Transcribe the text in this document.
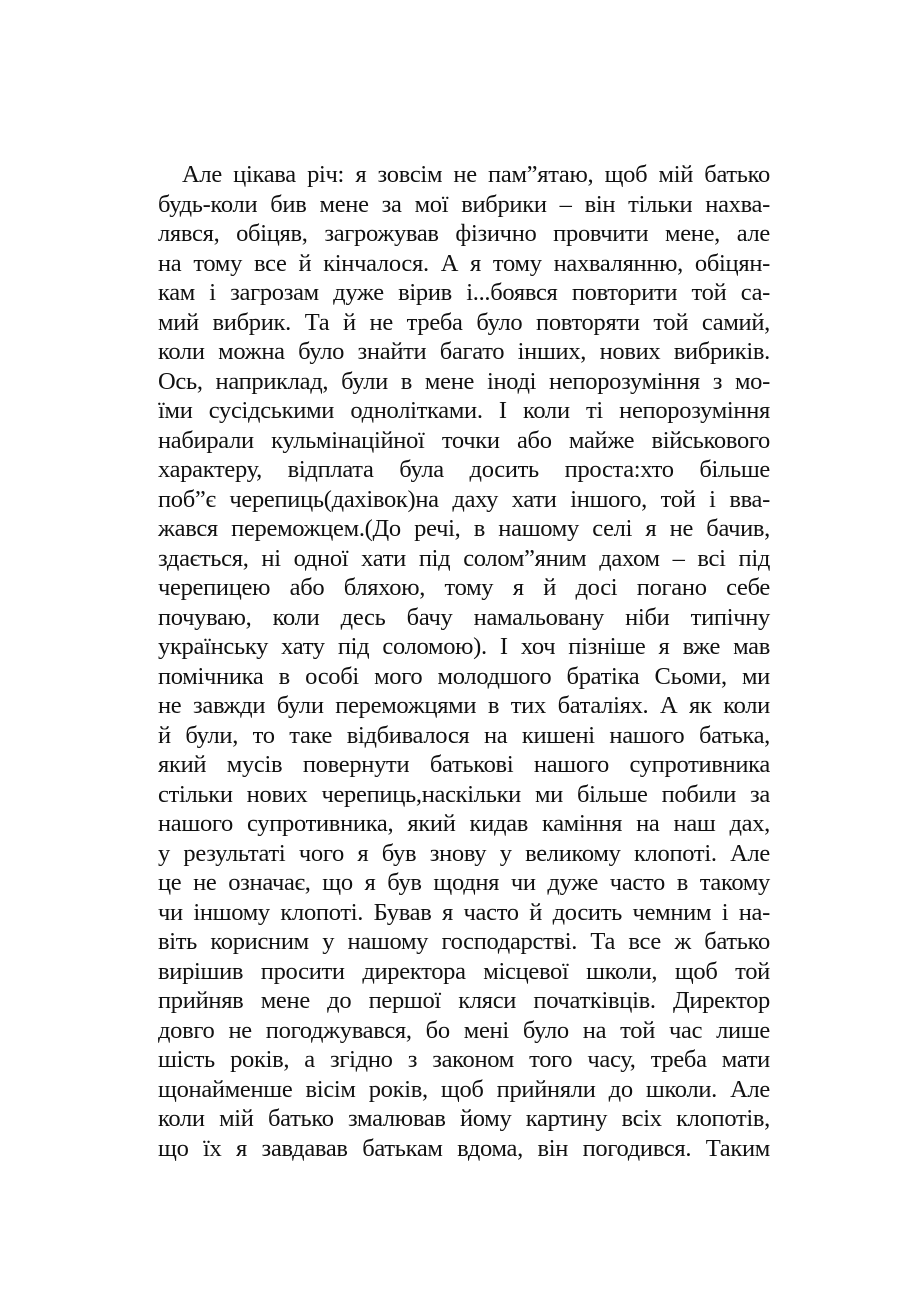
Але цікава річ: я зовсім не пам”ятаю, щоб мій батько
будь-коли бив мене за мої вибрики – він тільки нахва-
лявся, обіцяв, загрожував фізично провчити мене, але
на тому все й кінчалося. А я тому нахвалянню, обіцян-
кам і загрозам дуже вірив і...боявся повторити той са-
мий вибрик. Та й не треба було повторяти той самий,
коли можна було знайти багато інших, нових вибриків.
Ось, наприклад, були в мене іноді непорозуміння з мо-
їми сусідськими однолітками. І коли ті непорозуміння
набирали кульмінаційної точки або майже військового
характеру, відплата була досить проста:хто більше
поб”є черепиць(дахівок)на даху хати іншого, той і вва-
жався переможцем.(До речі, в нашому селі я не бачив,
здається, ні одної хати під солом”яним дахом – всі під
черепицею або бляхою, тому я й досі погано себе
почуваю, коли десь бачу намальовану ніби типічну
українську хату під соломою). І хоч пізніше я вже мав
помічника в особі мого молодшого братіка Сьоми, ми
не завжди були переможцями в тих баталіях. А як коли
й були, то таке відбивалося на кишені нашого батька,
який мусів повернути батькові нашого супротивника
стільки нових черепиць,наскільки ми більше побили за
нашого супротивника, який кидав каміння на наш дах,
у результаті чого я був знову у великому клопоті. Але
це не означає, що я був щодня чи дуже часто в такому
чи іншому клопоті. Бував я часто й досить чемним і на-
віть корисним у нашому господарстві. Та все ж батько
вирішив просити директора місцевої школи, щоб той
прийняв мене до першої кляси початківців. Директор
довго не погоджувався, бо мені було на той час лише
шість років, а згідно з законом того часу, треба мати
щонайменше вісім років, щоб прийняли до школи. Але
коли мій батько змалював йому картину всіх клопотів,
що їх я завдавав батькам вдома, він погодився. Таким
